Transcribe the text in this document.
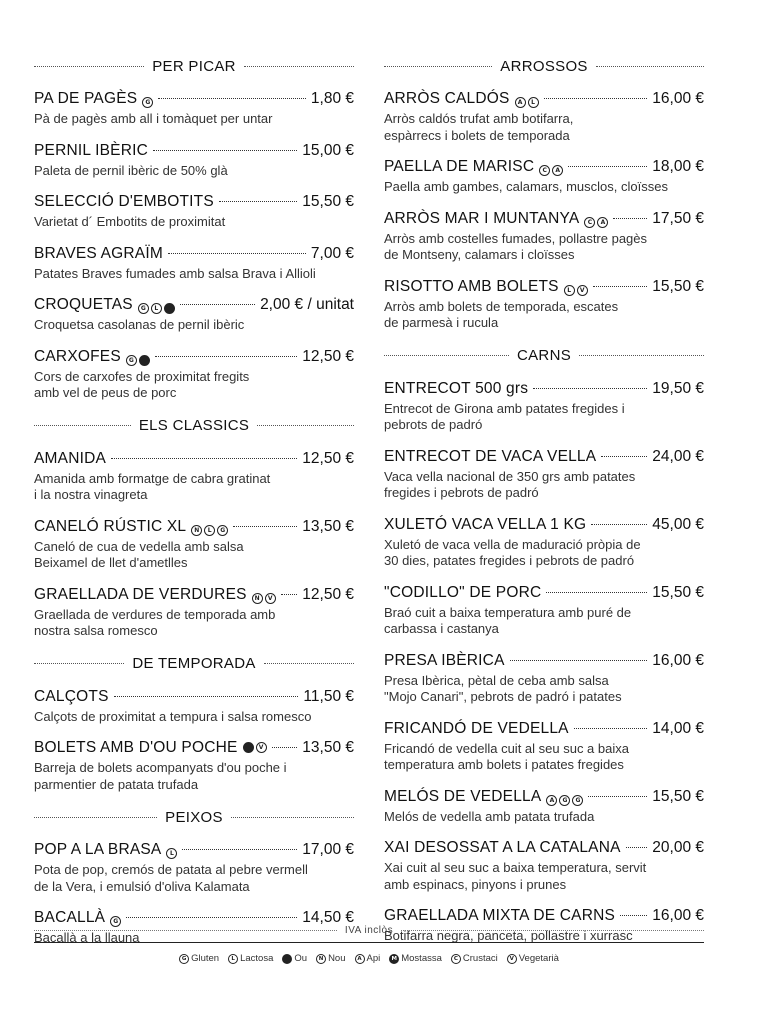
PER PICAR
PA DE PAGÈS	G	1,80 €
Pà de pagès amb all i tomàquet per untar
PERNIL IBÈRIC	15,00 €
Paleta de pernil ibèric de 50% glà
SELECCIÓ D'EMBOTITS	15,50 €
Varietat d´ Embotits de proximitat
BRAVES AGRAÏM	7,00 €
Patates Braves fumades amb salsa Brava i Allioli
CROQUETAS	G	L	2,00 € / unitat
Croquetsa casolanas de pernil ibèric
CARXOFES	G	12,50 €
Cors de carxofes de proximitat fregits
amb vel de peus de porc
ELS CLASSICS
AMANIDA	12,50 €
Amanida amb formatge de cabra gratinat
i la nostra vinagreta
CANELÓ RÚSTIC XL	N	L	G	13,50 €
Caneló de cua de vedella amb salsa
Beixamel de llet d'ametlles
GRAELLADA DE VERDURES	N	V 12,50 €
Graellada de verdures de temporada amb
nostra salsa romesco
DE TEMPORADA
CALÇOTS	11,50 €
Calçots de proximitat a tempura i salsa romesco
BOLETS AMB D'OU POCHE	V	13,50 €
Barreja de bolets acompanyats d'ou poche i
parmentier de patata trufada
PEIXOS
POP A LA BRASA	L	17,00 €
Pota de pop, cremós de patata al pebre vermell
de la Vera, i emulsió d'oliva Kalamata
BACALLÀ	G	14,50 €
Bacallà a la llauna
ARROSSOS
ARRÒS CALDÓS	A	L	16,00 €
Arròs caldós trufat amb botifarra,
espàrrecs i bolets de temporada
PAELLA DE MARISC	C	A	18,00 €
Paella amb gambes, calamars, musclos, cloïsses
ARRÒS MAR I MUNTANYA	C	A	17,50 €
Arròs amb costelles fumades, pollastre pagès
de Montseny, calamars i cloïsses
RISOTTO AMB BOLETS	L	V	15,50 €
Arròs amb bolets de temporada, escates
de parmesà i rucula
CARNS
ENTRECOT 500 grs	19,50 €
Entrecot de Girona amb patates fregides i
pebrots de padró
ENTRECOT DE VACA VELLA	24,00 €
Vaca vella nacional de 350 grs amb patates
fregides i pebrots de padró
XULETÓ VACA VELLA 1 KG	45,00 €
Xuletó de vaca vella de maduració pròpia de
30 dies, patates fregides i pebrots de padró
"CODILLO" DE PORC	15,50 €
Braó cuit a baixa temperatura amb puré de
carbassa i castanya
PRESA IBÈRICA	16,00 €
Presa Ibèrica, pètal de ceba amb salsa
"Mojo Canari", pebrots de padró i patates
FRICANDÓ DE VEDELLA	14,00 €
Fricandó de vedella cuit al seu suc a baixa
temperatura amb bolets i patates fregides
MELÓS DE VEDELLA	A	G	G	15,50 €
Melós de vedella amb patata trufada
XAI DESOSSAT A LA CATALANA 20,00 €
Xai cuit al seu suc a baixa temperatura, servit
amb espinacs, pinyons i prunes
GRAELLADA MIXTA DE CARNS 16,00 €
Botifarra negra, panceta, pollastre i xurrasc
IVA inclòs
G Gluten	L Lactosa Ou	N Nou	A Api	M Mostassa	C Crustaci	V Vegetarià
